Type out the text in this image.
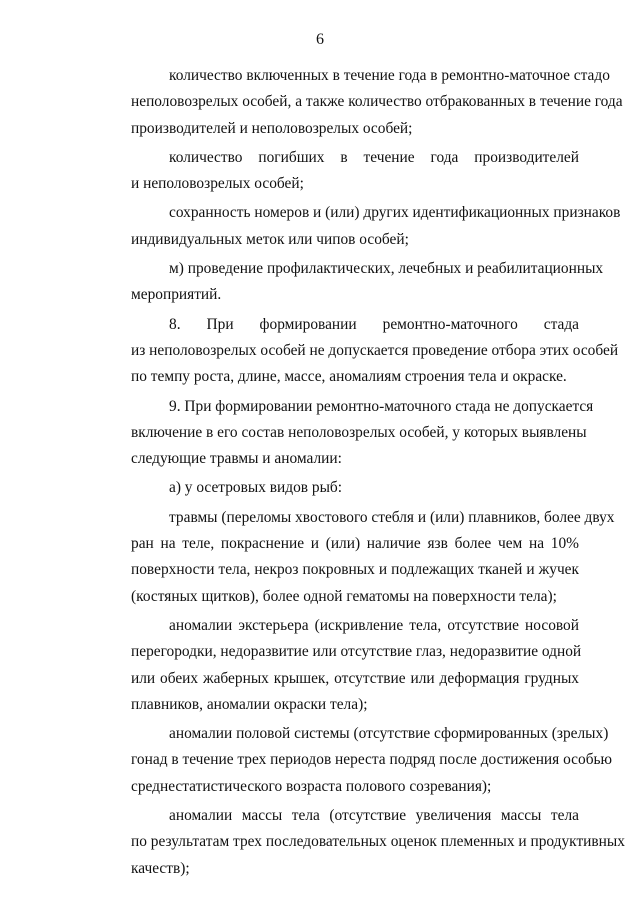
6
количество включенных в течение года в ремонтно-маточное стадо
неполовозрелых особей, а также количество отбракованных в течение года
производителей и неполовозрелых особей;
количество погибших в течение года производителей
и неполовозрелых особей;
сохранность номеров и (или) других идентификационных признаков
индивидуальных меток или чипов особей;
м) проведение профилактических, лечебных и реабилитационных
мероприятий.
8. При формировании ремонтно-маточного стада
из неполовозрелых особей не допускается проведение отбора этих особей
по темпу роста, длине, массе, аномалиям строения тела и окраске.
9. При формировании ремонтно-маточного стада не допускается
включение в его состав неполовозрелых особей, у которых выявлены
следующие травмы и аномалии:
а) у осетровых видов рыб:
травмы (переломы хвостового стебля и (или) плавников, более двух
ран на теле, покраснение и (или) наличие язв более чем на 10%
поверхности тела, некроз покровных и подлежащих тканей и жучек
(костяных щитков), более одной гематомы на поверхности тела);
аномалии экстерьера (искривление тела, отсутствие носовой
перегородки, недоразвитие или отсутствие глаз, недоразвитие одной
или обеих жаберных крышек, отсутствие или деформация грудных
плавников, аномалии окраски тела);
аномалии половой системы (отсутствие сформированных (зрелых)
гонад в течение трех периодов нереста подряд после достижения особью
среднестатистического возраста полового созревания);
аномалии массы тела (отсутствие увеличения массы тела
по результатам трех последовательных оценок племенных и продуктивных
качеств);
